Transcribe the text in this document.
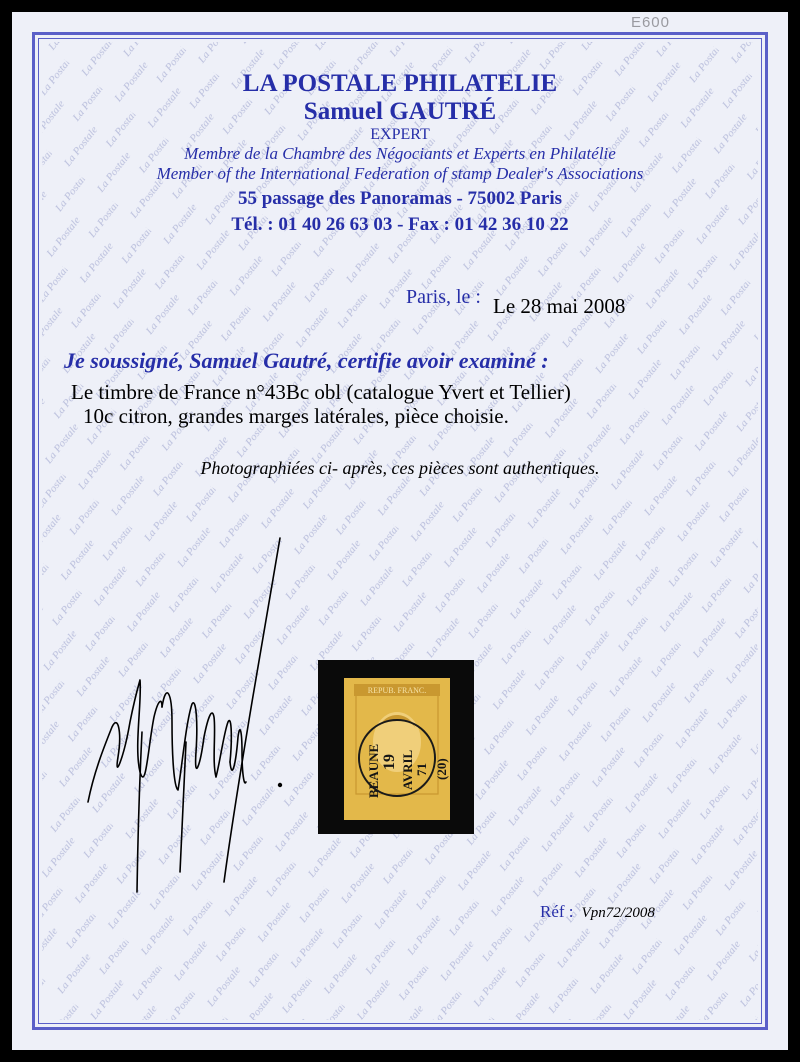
E600
LA POSTALE PHILATELIE
Samuel GAUTRÉ
EXPERT
Membre de la Chambre des Négociants et Experts en Philatélie
Member of the International Federation of stamp Dealer's Associations
55 passage des Panoramas - 75002 Paris
Tél. : 01 40 26 63 03 - Fax : 01 42 36 10 22
Paris, le : Le 28 mai 2008
Je soussigné, Samuel Gautré, certifie avoir examiné :
Le timbre de France n°43Bc obl (catalogue Yvert et Tellier)
10c citron, grandes marges latérales, pièce choisie.
Photographiées ci- après, ces pièces sont authentiques.
REPUB. FRANC.
BEAUNE 19 AVRIL 71 (20)
Réf : Vpn72/2008
